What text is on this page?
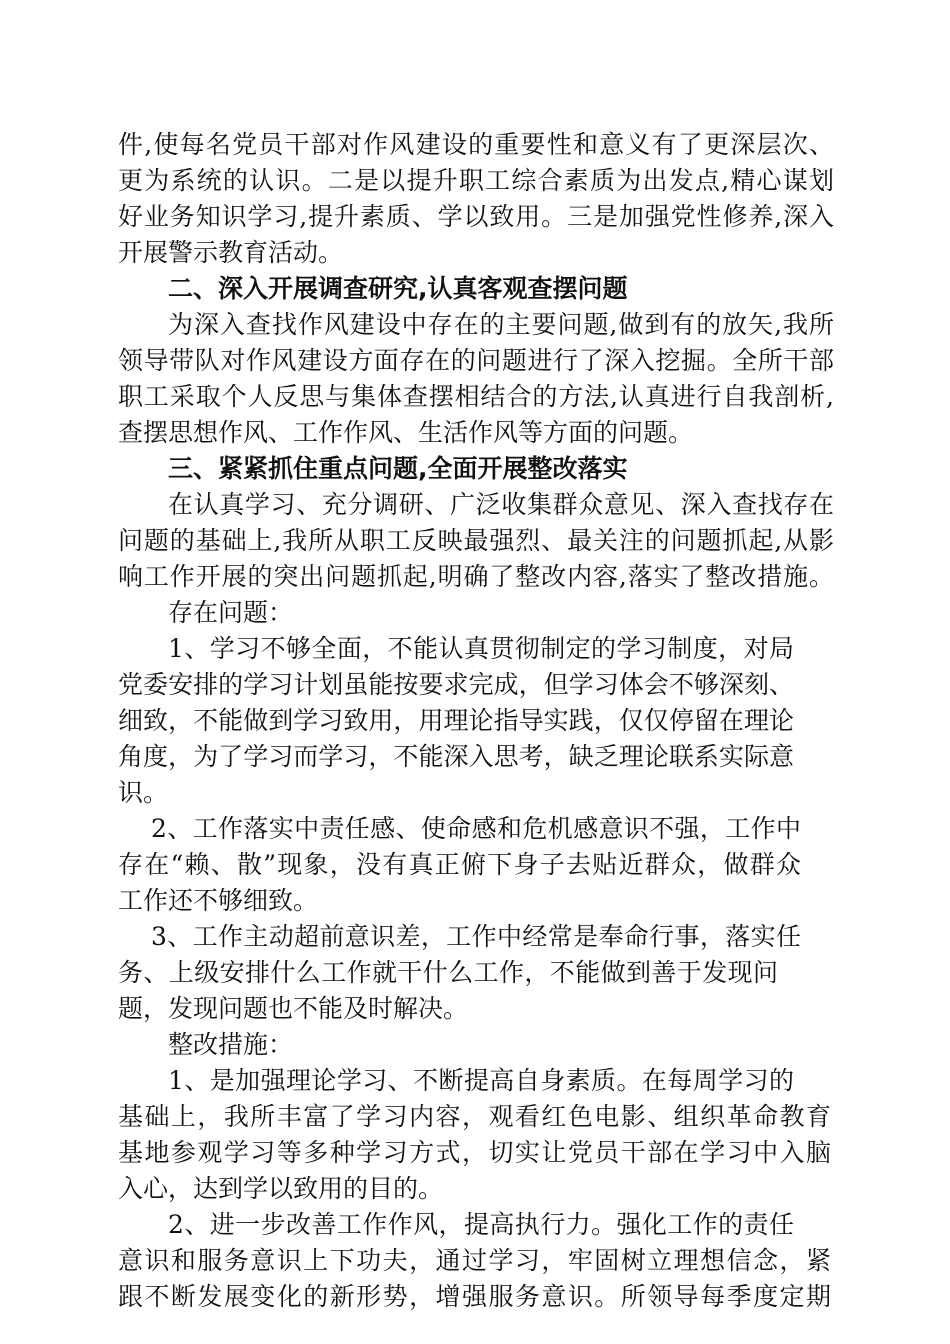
件,使每名党员干部对作风建设的重要性和意义有了更深层次、

更为系统的认识。二是以提升职工综合素质为出发点,精心谋划

好业务知识学习,提升素质、学以致用。三是加强党性修养,深入

开展警示教育活动。

二、深入开展调查研究,认真客观查摆问题

为深入查找作风建设中存在的主要问题,做到有的放矢,我所

领导带队对作风建设方面存在的问题进行了深入挖掘。全所干部

职工采取个人反思与集体查摆相结合的方法,认真进行自我剖析,

查摆思想作风、工作作风、生活作风等方面的问题。

三、紧紧抓住重点问题,全面开展整改落实

在认真学习、充分调研、广泛收集群众意见、深入查找存在

问题的基础上,我所从职工反映最强烈、最关注的问题抓起,从影

响工作开展的突出问题抓起,明确了整改内容,落实了整改措施。

存在问题：

1、学习不够全面，不能认真贯彻制定的学习制度，对局

党委安排的学习计划虽能按要求完成，但学习体会不够深刻、

细致，不能做到学习致用，用理论指导实践，仅仅停留在理论

角度，为了学习而学习，不能深入思考，缺乏理论联系实际意

识。

2、工作落实中责任感、使命感和危机感意识不强，工作中

存在“赖、散”现象，没有真正俯下身子去贴近群众，做群众

工作还不够细致。

3、工作主动超前意识差，工作中经常是奉命行事，落实任

务、上级安排什么工作就干什么工作，不能做到善于发现问

题，发现问题也不能及时解决。

整改措施：

1、是加强理论学习、不断提高自身素质。在每周学习的

基础上，我所丰富了学习内容，观看红色电影、组织革命教育

基地参观学习等多种学习方式，切实让党员干部在学习中入脑

入心，达到学以致用的目的。

2、进一步改善工作作风，提高执行力。强化工作的责任

意识和服务意识上下功夫，通过学习，牢固树立理想信念，紧

跟不断发展变化的新形势，增强服务意识。所领导每季度定期
